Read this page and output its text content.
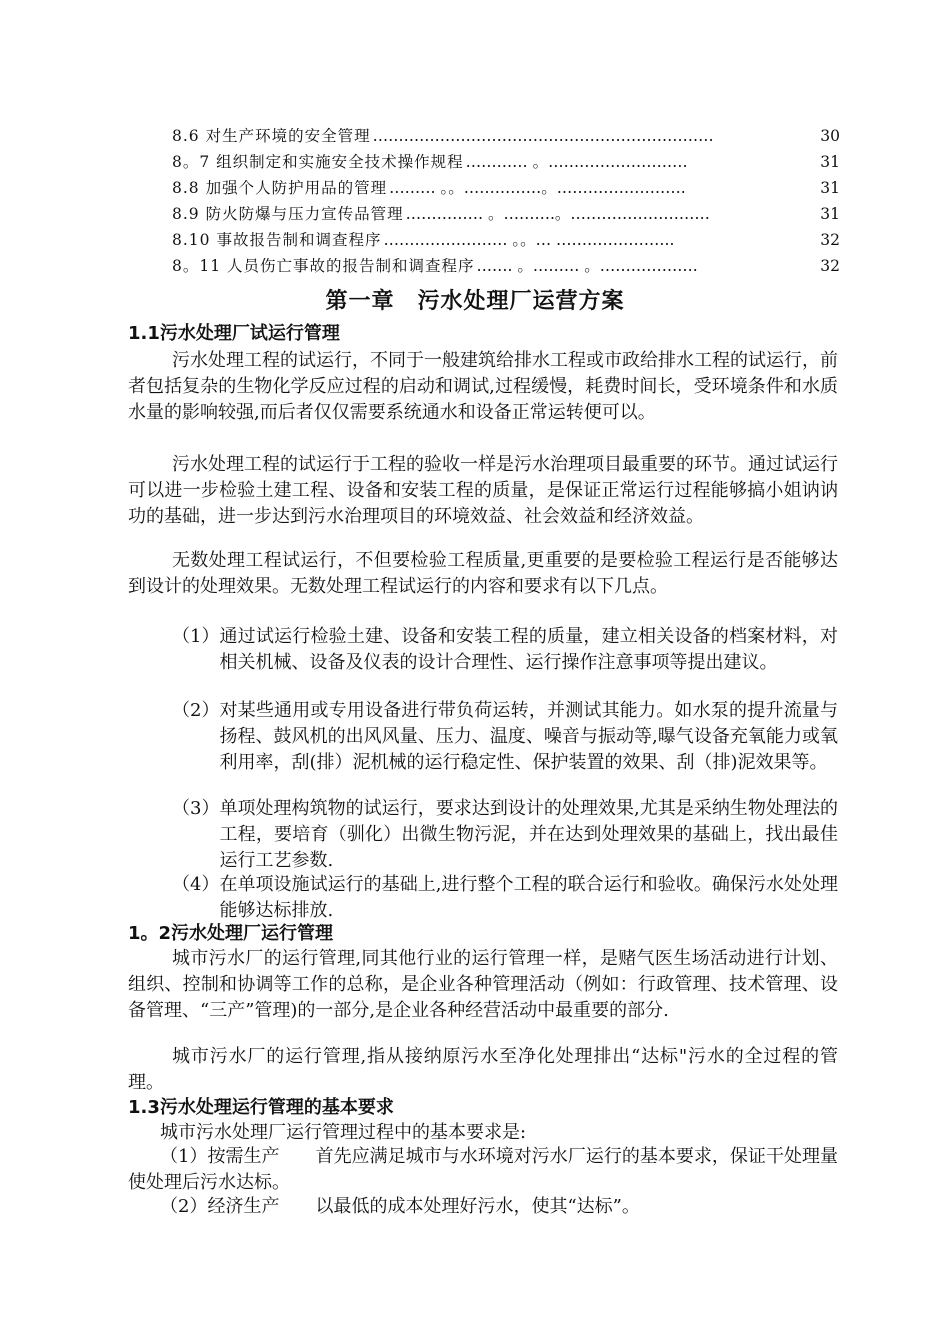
8.6 对生产环境的安全管理 …………………………………………………………	30
8。7 组织制定和实施安全技术操作规程 ………… 。………………………	31
8.8 加强个人防护用品的管理 ……… 。。……………。…………………….	31
8.9 防火防爆与压力宣传品管理 …………… 。……….。………………………	31
8.10 事故报告制和调查程序 …………………… 。。… …………………..	32
8。11 人员伤亡事故的报告制和调查程序 ……. 。……… 。……………….	32
第一章　污水处理厂运营方案
1.1污水处理厂试运行管理

污水处理工程的试运行，不同于一般建筑给排水工程或市政给排水工程的试运行，前者包括复杂的生物化学反应过程的启动和调试,过程缓慢，耗费时间长，受环境条件和水质水量的影响较强,而后者仅仅需要系统通水和设备正常运转便可以。

污水处理工程的试运行于工程的验收一样是污水治理项目最重要的环节。通过试运行可以进一步检验土建工程、设备和安装工程的质量，是保证正常运行过程能够搞小姐讷讷功的基础，进一步达到污水治理项目的环境效益、社会效益和经济效益。

无数处理工程试运行，不但要检验工程质量,更重要的是要检验工程运行是否能够达到设计的处理效果。无数处理工程试运行的内容和要求有以下几点。

（1） 通过试运行检验土建、设备和安装工程的质量，建立相关设备的档案材料，对相关机械、设备及仪表的设计合理性、运行操作注意事项等提出建议。
（2） 对某些通用或专用设备进行带负荷运转，并测试其能力。如水泵的提升流量与扬程、鼓风机的出风风量、压力、温度、噪音与振动等,曝气设备充氧能力或氧利用率，刮(排）泥机械的运行稳定性、保护装置的效果、刮（排)泥效果等。
（3） 单项处理构筑物的试运行，要求达到设计的处理效果,尤其是采纳生物处理法的工程，要培育（驯化）出微生物污泥，并在达到处理效果的基础上，找出最佳运行工艺参数.
（4） 在单项设施试运行的基础上,进行整个工程的联合运行和验收。确保污水处处理能够达标排放.
1。2污水处理厂运行管理

城市污水厂的运行管理,同其他行业的运行管理一样，是赌气医生场活动进行计划、组织、控制和协调等工作的总称，是企业各种管理活动（例如：行政管理、技术管理、设备管理、“三产”管理)的一部分,是企业各种经营活动中最重要的部分.

城市污水厂的运行管理,指从接纳原污水至净化处理排出“达标"污水的全过程的管理。

1.3污水处理运行管理的基本要求

城市污水处理厂运行管理过程中的基本要求是:

（1）按需生产　　首先应满足城市与水环境对污水厂运行的基本要求，保证干处理量使处理后污水达标。

（2）经济生产　　以最低的成本处理好污水，使其“达标”。
